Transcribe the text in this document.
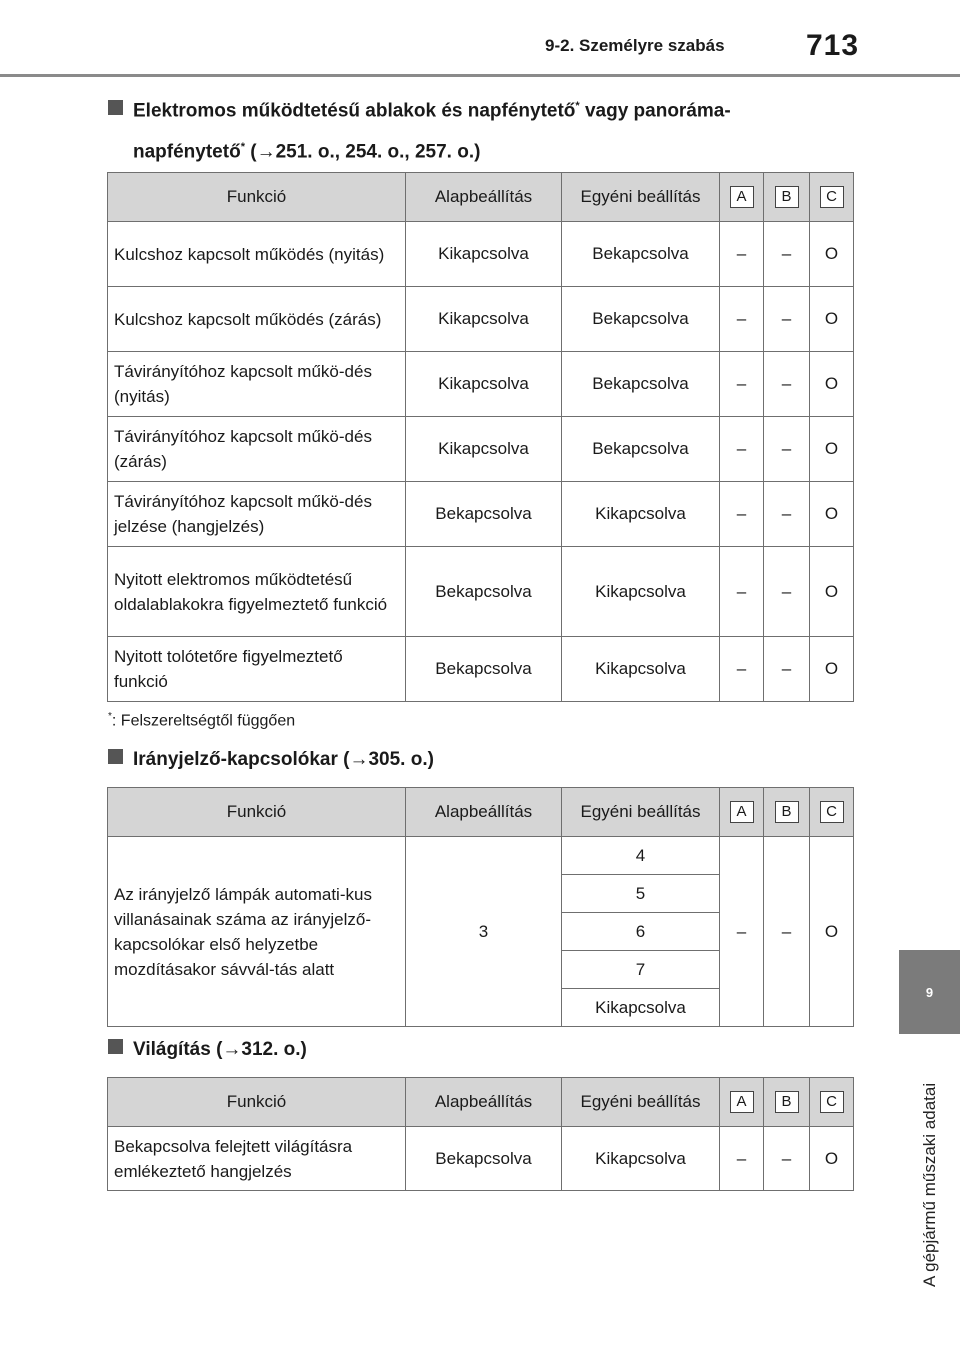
9-2. Személyre szabás	713
9
A gépjármű műszaki adatai
Elektromos működtetésű ablakok és napfénytető* vagy panoráma-
napfénytető* (→251. o., 254. o., 257. o.)
Funkció	Alapbeállítás	Egyéni beállítás	A	B	C
Kulcshoz kapcsolt működés (nyitás)	Kikapcsolva	Bekapcsolva	–	–	O
Kulcshoz kapcsolt működés (zárás)	Kikapcsolva	Bekapcsolva	–	–	O
Távirányítóhoz kapcsolt műkö-dés (nyitás)	Kikapcsolva	Bekapcsolva	–	–	O
Távirányítóhoz kapcsolt műkö-dés (zárás)	Kikapcsolva	Bekapcsolva	–	–	O
Távirányítóhoz kapcsolt műkö-dés jelzése (hangjelzés)	Bekapcsolva	Kikapcsolva	–	–	O
Nyitott elektromos működtetésű oldalablakokra figyelmeztető funkció	Bekapcsolva	Kikapcsolva	–	–	O
Nyitott tolótetőre figyelmeztető funkció	Bekapcsolva	Kikapcsolva	–	–	O
*: Felszereltségtől függően
Irányjelző-kapcsolókar (→305. o.)
Funkció	Alapbeállítás	Egyéni beállítás	A	B	C
Az irányjelző lámpák automati-kus villanásainak száma az irányjelző-kapcsolókar első helyzetbe mozdításakor sávvál-tás alatt	3	4
5
6
7
Kikapcsolva	–	–	O
Világítás (→312. o.)
Funkció	Alapbeállítás	Egyéni beállítás	A	B	C
Bekapcsolva felejtett világításra emlékeztető hangjelzés	Bekapcsolva	Kikapcsolva	–	–	O
